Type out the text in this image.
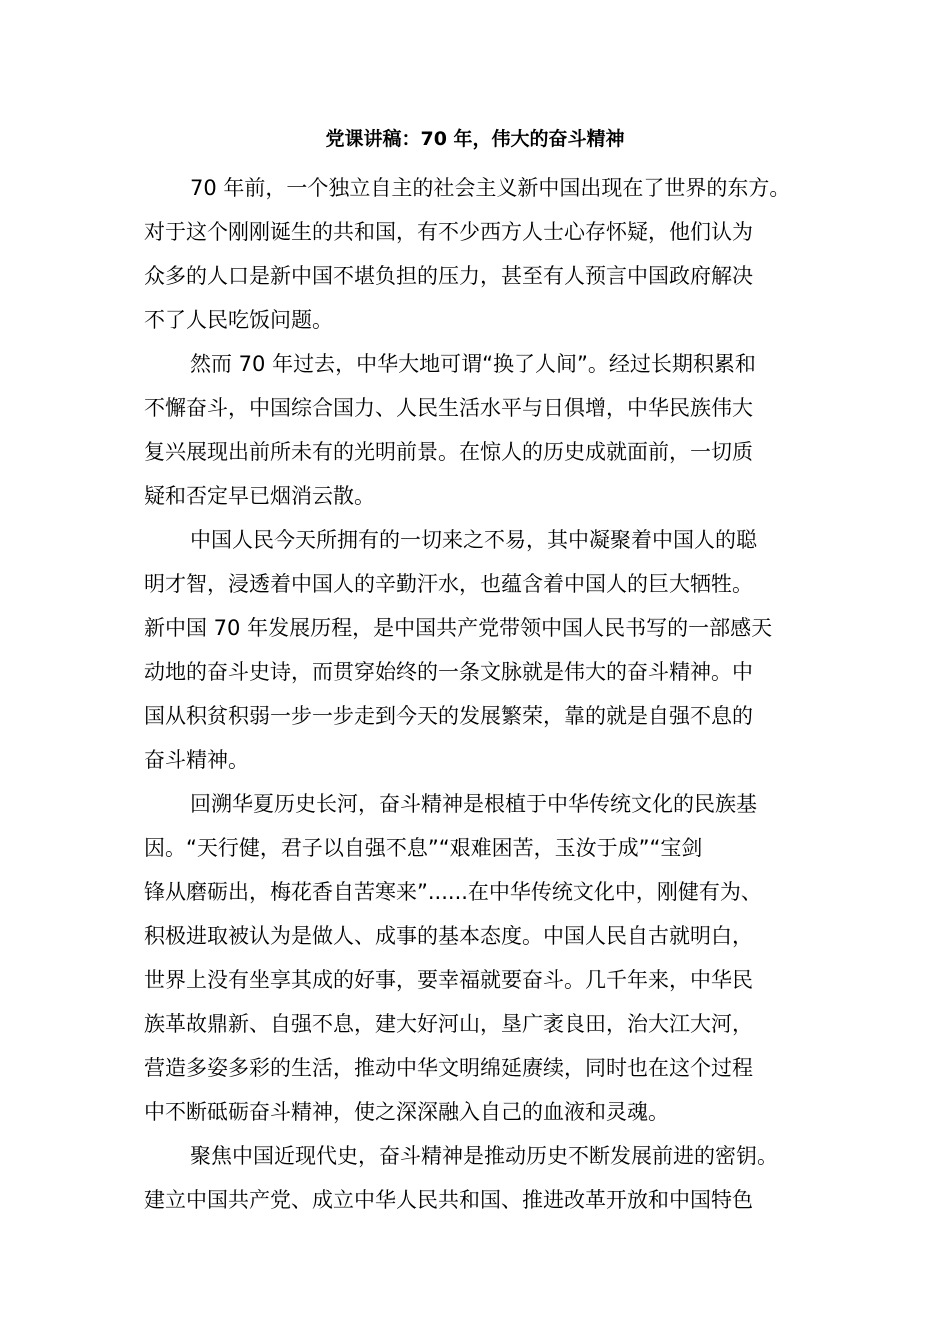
党课讲稿：70 年，伟大的奋斗精神
70 年前，一个独立自主的社会主义新中国出现在了世界的东方。
对于这个刚刚诞生的共和国，有不少西方人士心存怀疑，他们认为
众多的人口是新中国不堪负担的压力，甚至有人预言中国政府解决
不了人民吃饭问题。
然而 70 年过去，中华大地可谓“换了人间”。经过长期积累和
不懈奋斗，中国综合国力、人民生活水平与日俱增，中华民族伟大
复兴展现出前所未有的光明前景。在惊人的历史成就面前，一切质
疑和否定早已烟消云散。
中国人民今天所拥有的一切来之不易，其中凝聚着中国人的聪
明才智，浸透着中国人的辛勤汗水，也蕴含着中国人的巨大牺牲。
新中国 70 年发展历程，是中国共产党带领中国人民书写的一部感天
动地的奋斗史诗，而贯穿始终的一条文脉就是伟大的奋斗精神。中
国从积贫积弱一步一步走到今天的发展繁荣，靠的就是自强不息的
奋斗精神。
回溯华夏历史长河，奋斗精神是根植于中华传统文化的民族基
因。“天行健，君子以自强不息”“艰难困苦，玉汝于成”“宝剑
锋从磨砺出，梅花香自苦寒来”......在中华传统文化中，刚健有为、
积极进取被认为是做人、成事的基本态度。中国人民自古就明白，
世界上没有坐享其成的好事，要幸福就要奋斗。几千年来，中华民
族革故鼎新、自强不息，建大好河山，垦广袤良田，治大江大河，
营造多姿多彩的生活，推动中华文明绵延赓续，同时也在这个过程
中不断砥砺奋斗精神，使之深深融入自己的血液和灵魂。
聚焦中国近现代史，奋斗精神是推动历史不断发展前进的密钥。
建立中国共产党、成立中华人民共和国、推进改革开放和中国特色
